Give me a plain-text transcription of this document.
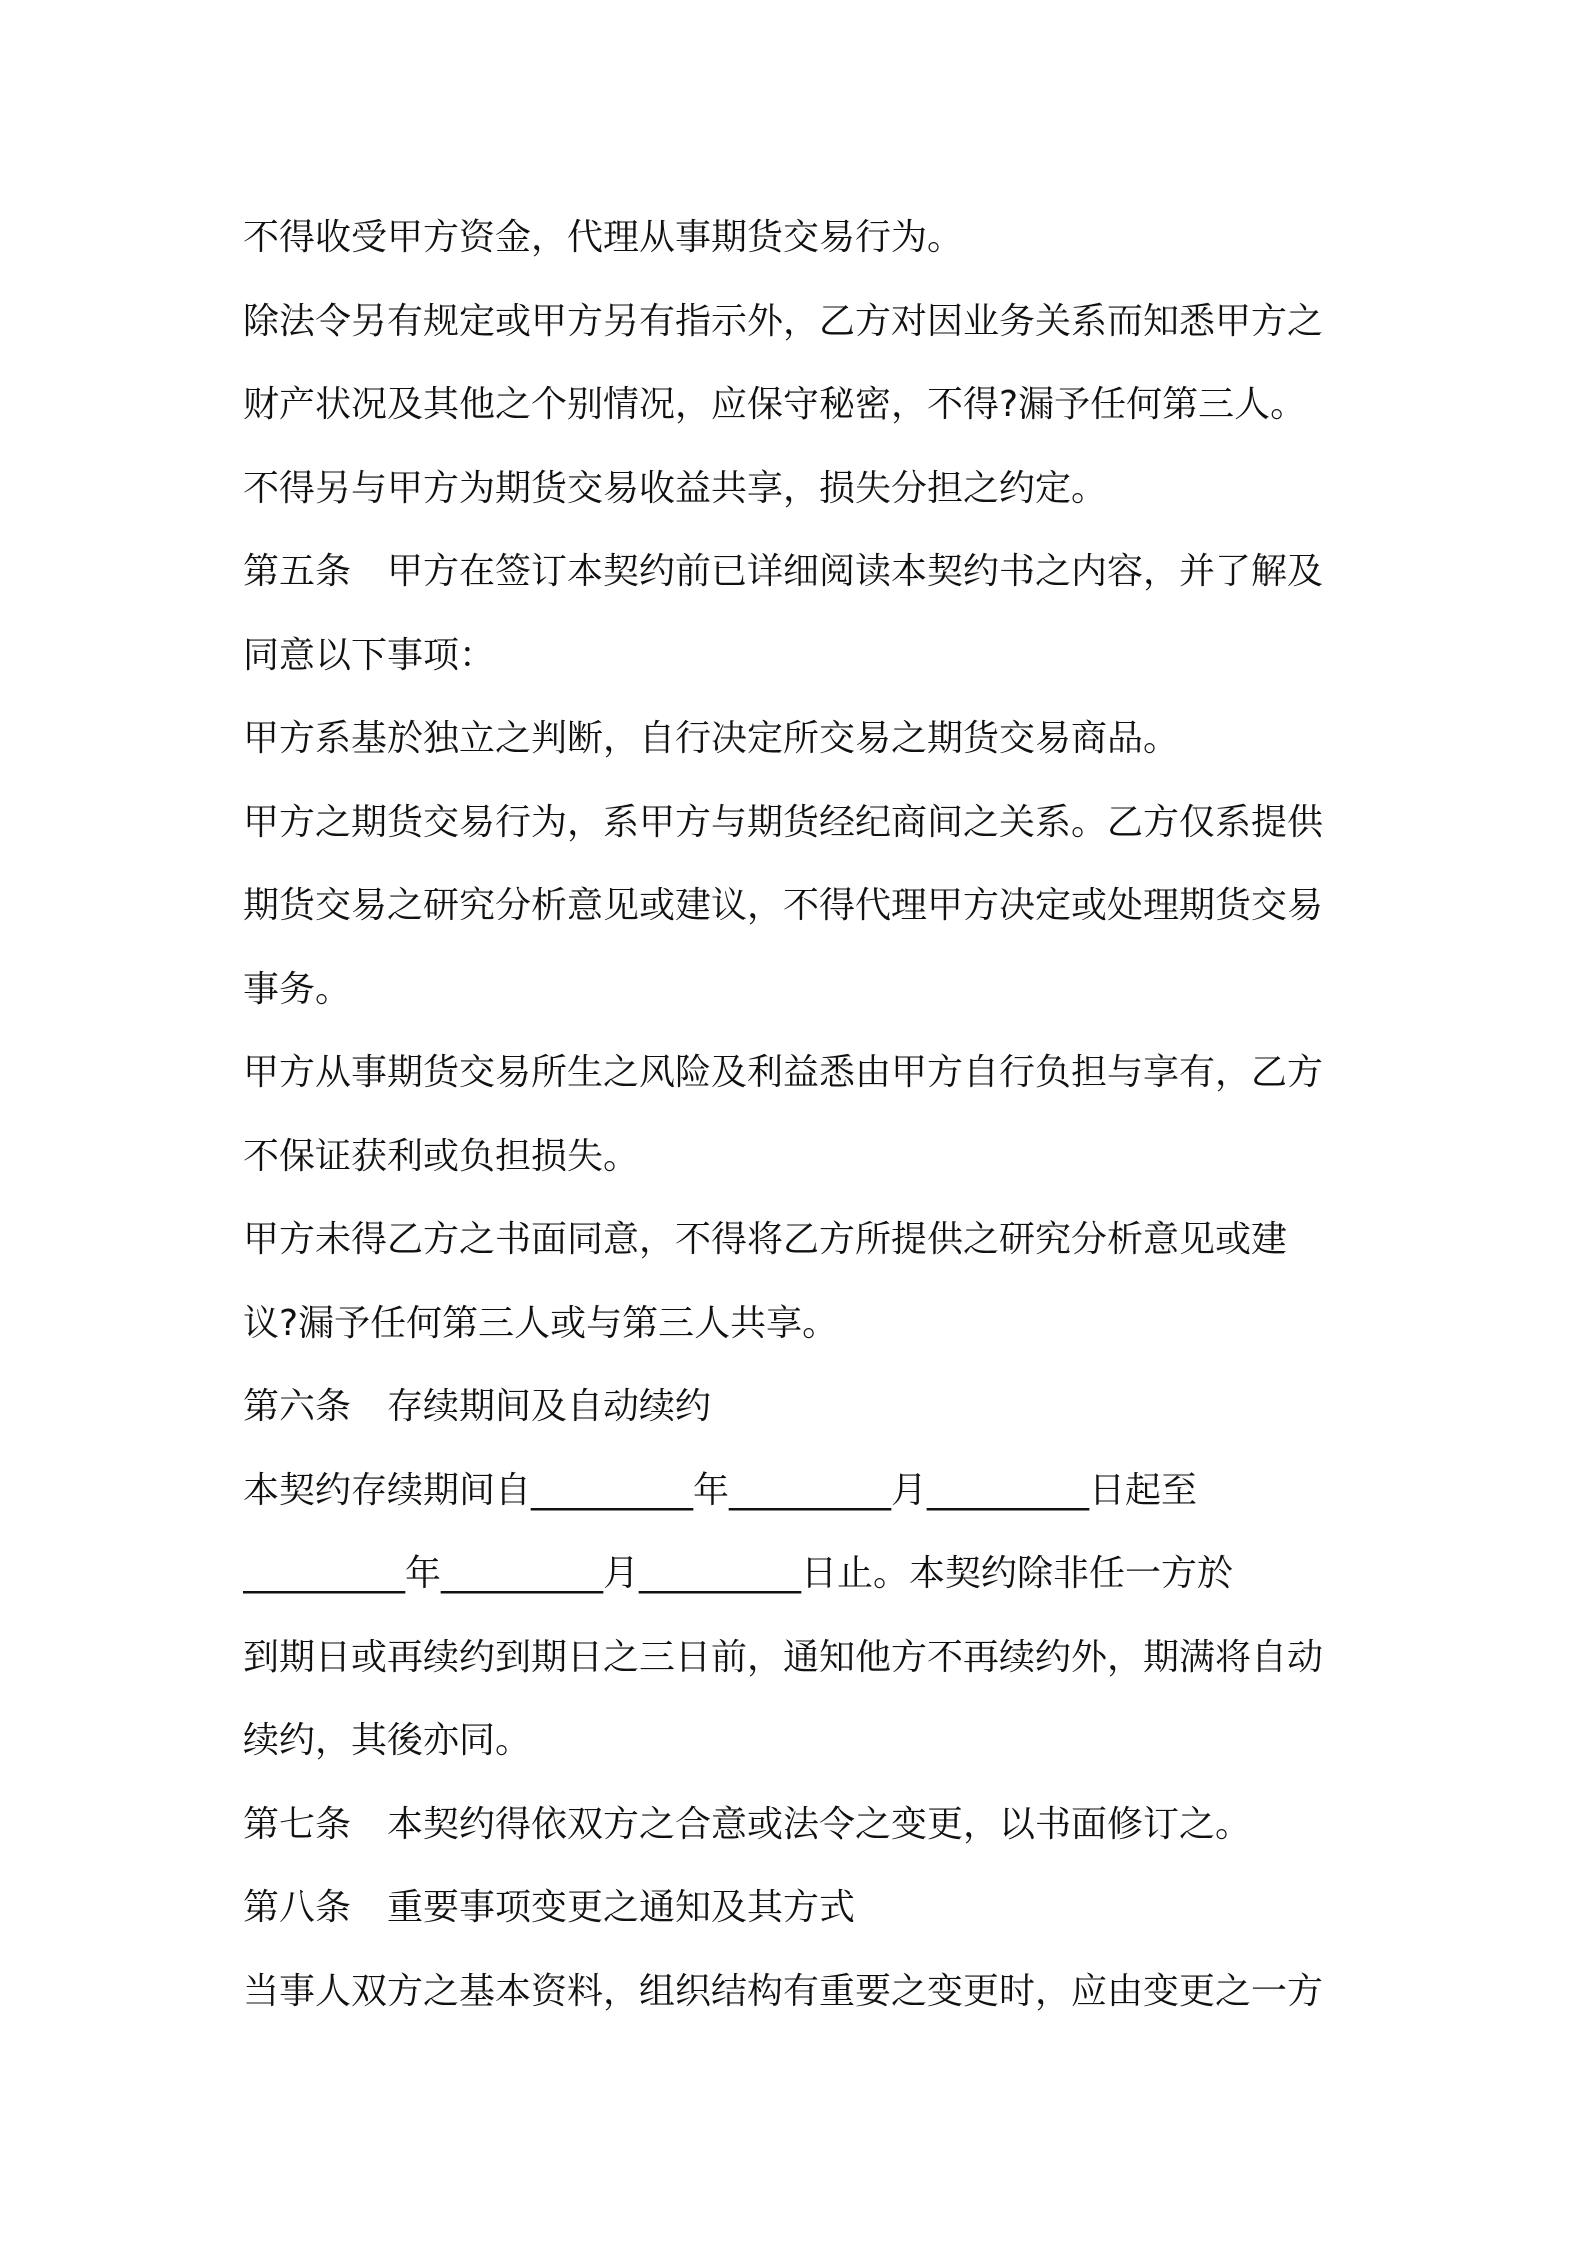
不得收受甲方资金，代理从事期货交易行为。
除法令另有规定或甲方另有指示外，乙方对因业务关系而知悉甲方之
财产状况及其他之个别情况，应保守秘密，不得?漏予任何第三人。
不得另与甲方为期货交易收益共享，损失分担之约定。
第五条　甲方在签订本契约前已详细阅读本契约书之内容，并了解及
同意以下事项：
甲方系基於独立之判断，自行决定所交易之期货交易商品。
甲方之期货交易行为，系甲方与期货经纪商间之关系。乙方仅系提供
期货交易之研究分析意见或建议，不得代理甲方决定或处理期货交易
事务。
甲方从事期货交易所生之风险及利益悉由甲方自行负担与享有，乙方
不保证获利或负担损失。
甲方未得乙方之书面同意，不得将乙方所提供之研究分析意见或建
议?漏予任何第三人或与第三人共享。
第六条　存续期间及自动续约
本契约存续期间自_________年_________月_________日起至
_________年_________月_________日止。本契约除非任一方於
到期日或再续约到期日之三日前，通知他方不再续约外，期满将自动
续约，其後亦同。
第七条　本契约得依双方之合意或法令之变更，以书面修订之。
第八条　重要事项变更之通知及其方式
当事人双方之基本资料，组织结构有重要之变更时，应由变更之一方
